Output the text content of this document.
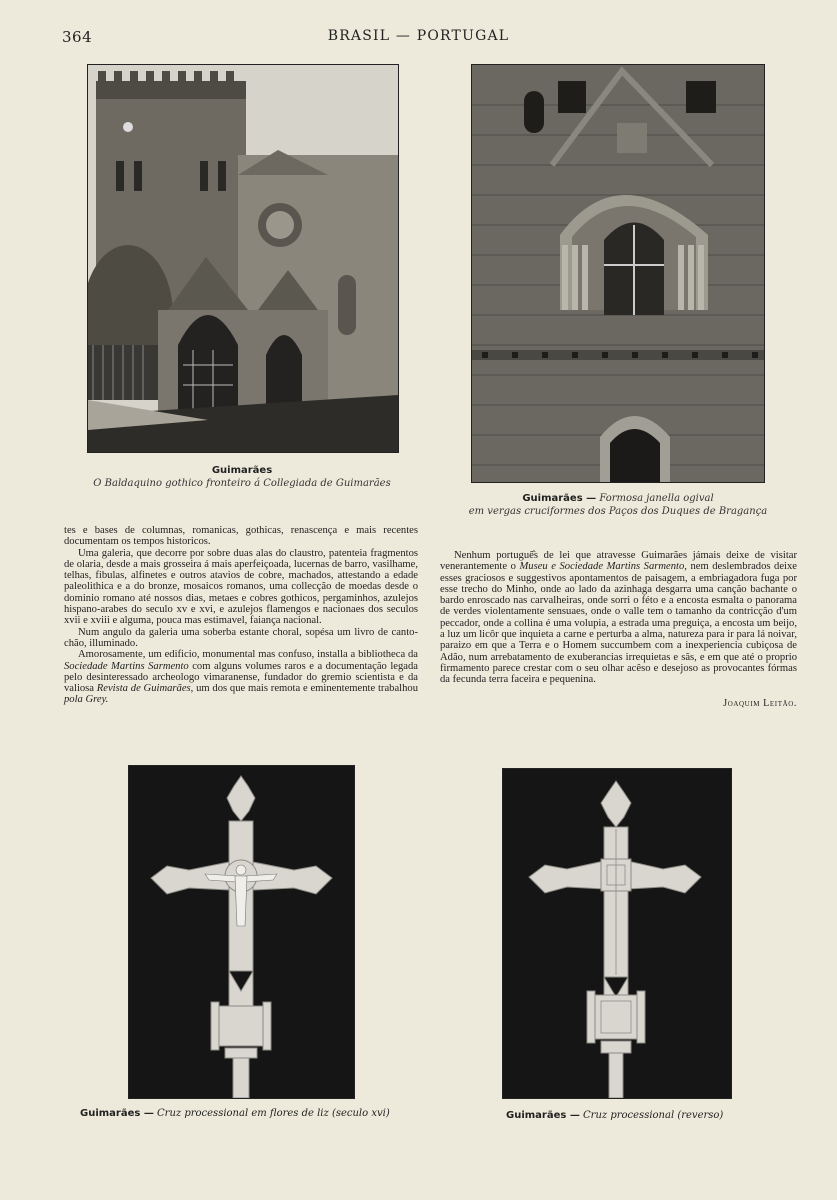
364	BRASIL — PORTUGAL
Guimarães
O Baldaquino gothico fronteiro á Collegiada de Guimarães
Guimarães — Formosa janella ogival
em vergas cruciformes dos Paços dos Duques de Bragança

tes e bases de columnas, romanicas, gothicas, renascença e mais recentes documentam os tempos historicos.

Uma galeria, que decorre por sobre duas alas do claustro, patenteia fragmentos de olaria, desde a mais grosseira á mais aperfeiçoada, lucernas de barro, vasilhame, telhas, fibulas, alfinetes e outros atavios de cobre, machados, attestando a edade paleolithica e a do bronze, mosaicos romanos, uma collecção de moedas desde o dominio romano até nossos dias, metaes e cobres gothicos, pergaminhos, azulejos hispano-arabes do seculo xv e xvi, e azulejos flamengos e nacionaes dos seculos xvii e xviii e alguma, pouca mas estimavel, faiança nacional.

Num angulo da galeria uma soberba estante choral, sopésa um livro de canto-chão, illuminado.

Amorosamente, um edificio, monumental mas confuso, installa a bibliotheca da Sociedade Martins Sarmento com alguns volumes raros e a documentação legada pelo desinteressado archeologo vimaranense, fundador do gremio scientista e da valiosa Revista de Guimarães, um dos que mais remota e eminentemente trabalhou pola Grey.

Nenhum portuguê̂s de lei que atravesse Guimarães jámais deixe de visitar venerantemente o Museu e Sociedade Martins Sarmento, nem deslembrados deixe esses graciosos e suggestivos apontamentos de paisagem, a embriagadora fuga por esse trecho do Minho, onde ao lado da azinhaga desgarra uma canção bachante o bardo enroscado nas carvalheiras, onde sorri o féto e a encosta esmalta o panorama de verdes violentamente sensuaes, onde o valle tem o tamanho da contricção d'um peccador, onde a collina é uma volupia, a estrada uma preguiça, a encosta um beijo, a luz um licôr que inquieta a carne e perturba a alma, natureza para ir para lá noivar, paraizo em que a Terra e o Homem succumbem com a inexperiencia cubiçosa de Adão, num arrebatamento de exuberancias irrequietas e sãs, e em que até o proprio firmamento parece crestar com o seu olhar acêso e desejoso as provocantes fórmas da fecunda terra faceira e pequenina.

Joaquim Leitão.
Guimarães — Cruz processional em flores de liz (seculo xvi)	Guimarães — Cruz processional (reverso)
